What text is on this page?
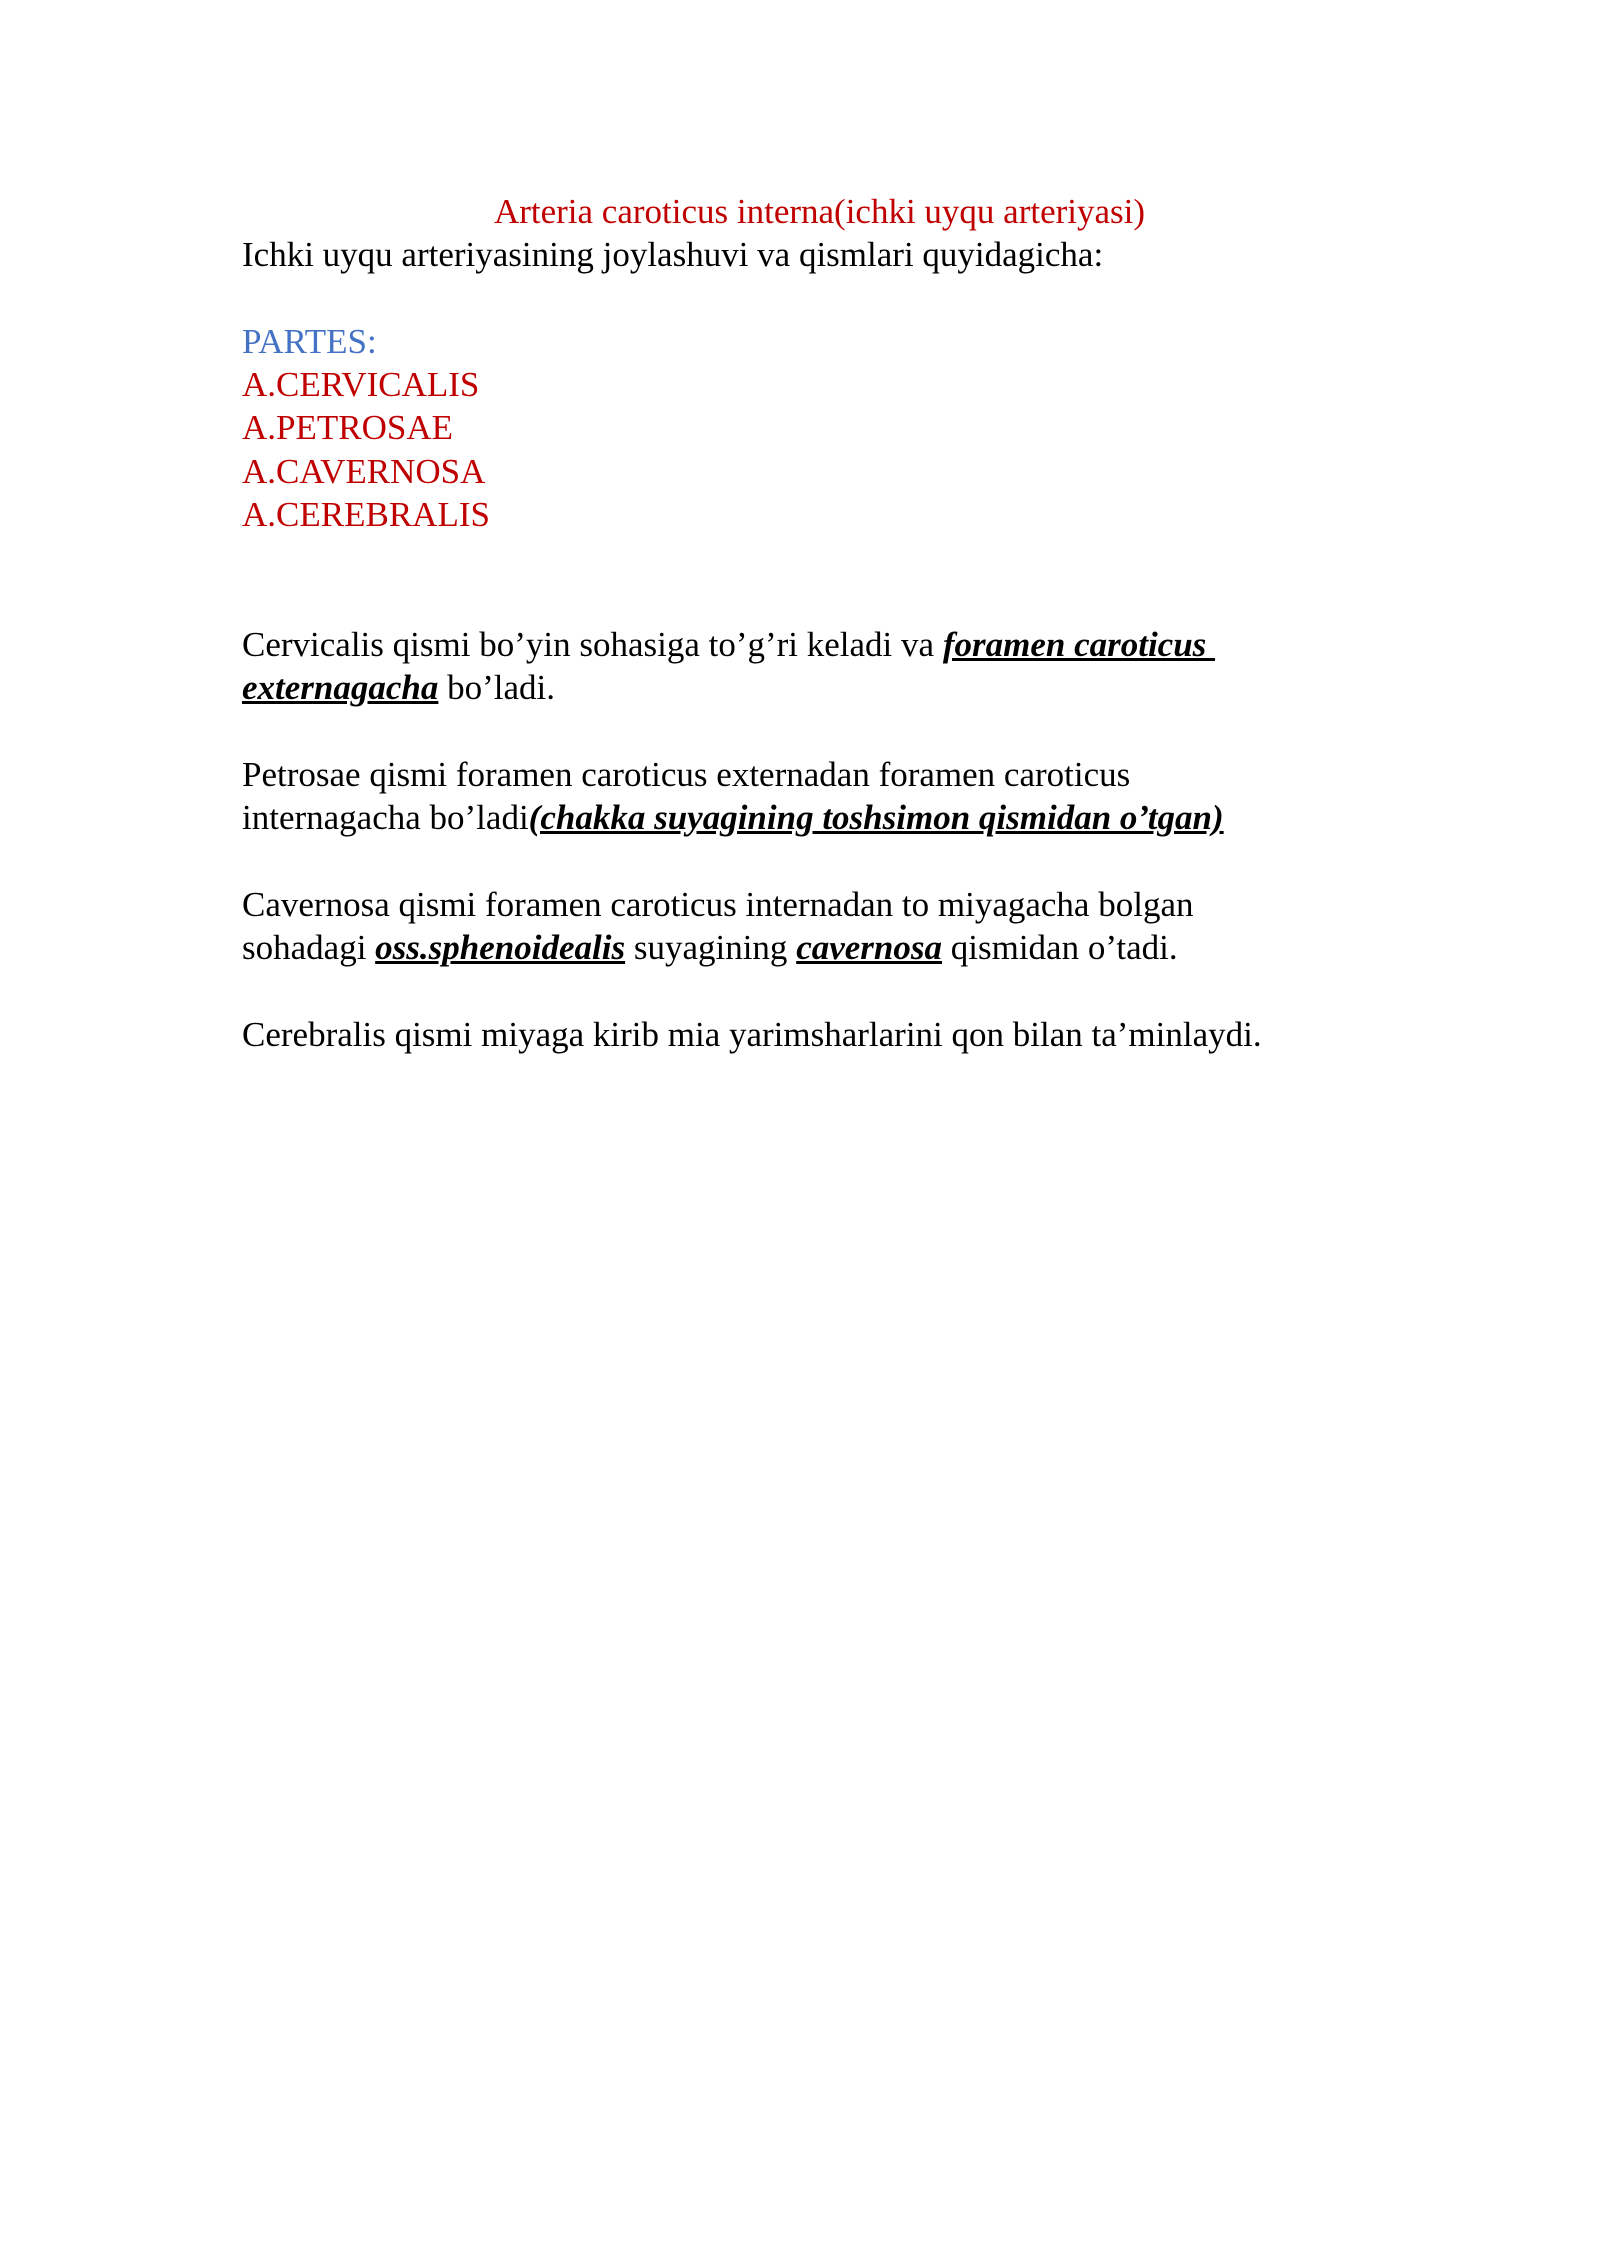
Arteria caroticus interna(ichki uyqu arteriyasi)
Ichki uyqu arteriyasining joylashuvi va qismlari quyidagicha:
PARTES:
A.CERVICALIS
A.PETROSAE
A.CAVERNOSA
A.CEREBRALIS
Cervicalis qismi bo’yin sohasiga to’g’ri keladi va foramen caroticus
externagacha bo’ladi.
Petrosae qismi foramen caroticus externadan foramen caroticus
internagacha bo’ladi(chakka suyagining toshsimon qismidan o’tgan)
Cavernosa qismi foramen caroticus internadan to miyagacha bolgan
sohadagi oss.sphenoidealis suyagining cavernosa qismidan o’tadi.
Cerebralis qismi miyaga kirib mia yarimsharlarini qon bilan ta’minlaydi.
